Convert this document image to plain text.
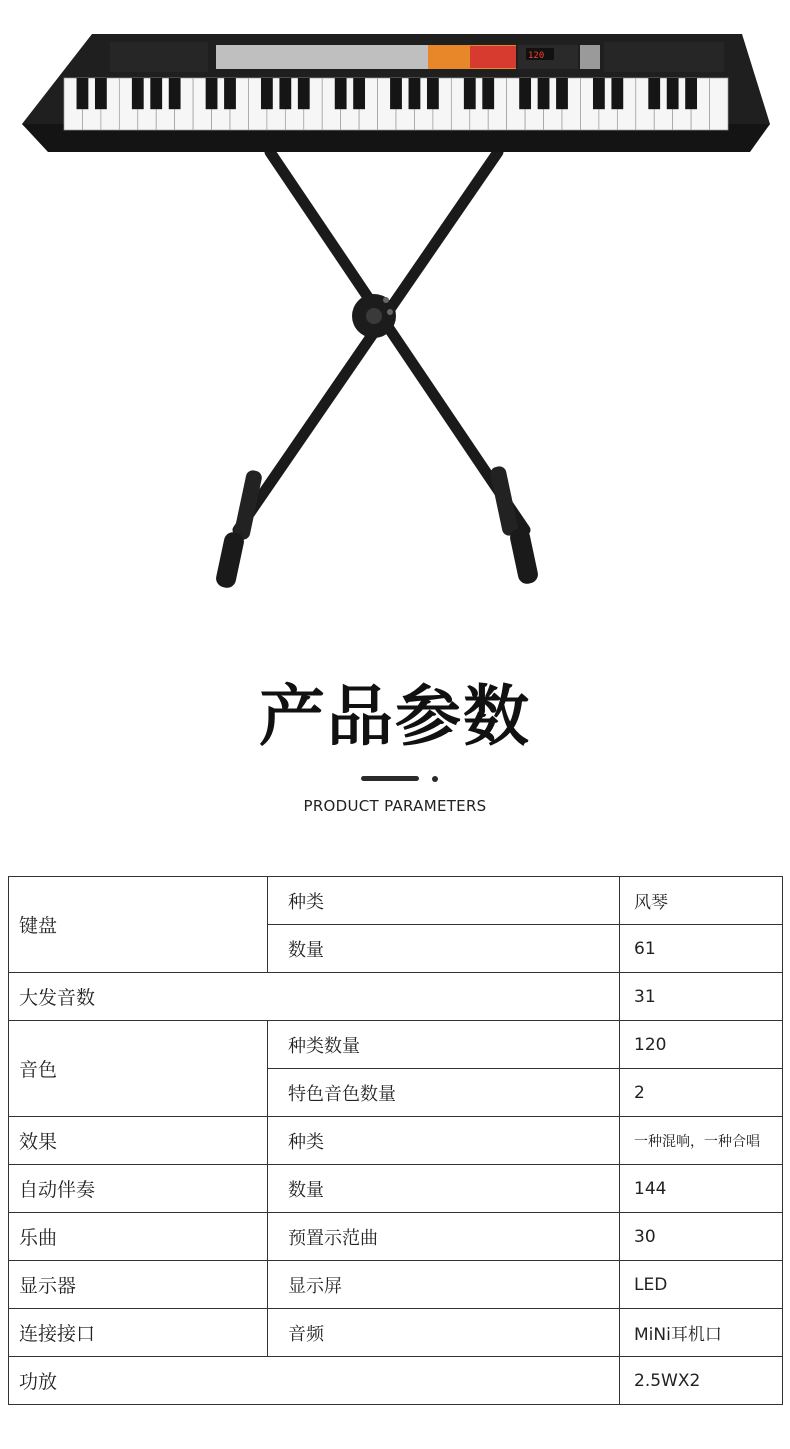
120
产品参数
PRODUCT PARAMETERS
键盘	种类	风琴
	数量	61
大发音数		31
音色	种类数量	120
	特色音色数量	2
效果	种类	一种混响，一种合唱
自动伴奏	数量	144
乐曲	预置示范曲	30
显示器	显示屏	LED
连接接口	音频	MiNi耳机口
功放		2.5WX2
